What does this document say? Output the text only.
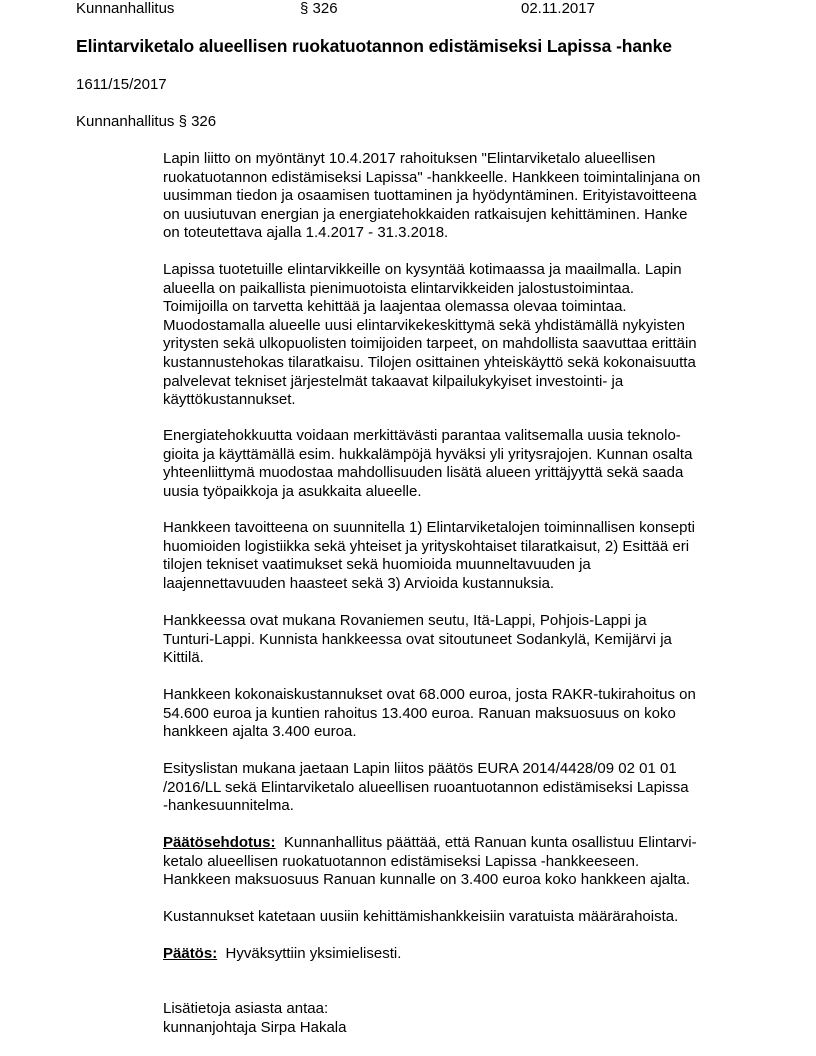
Kunnanhallitus	§ 326	02.11.2017
Elintarviketalo alueellisen ruokatuotannon edistämiseksi Lapissa -hanke
1611/15/2017
Kunnanhallitus § 326
Lapin liitto on myöntänyt 10.4.2017 rahoituksen "Elintarviketalo alueellisen
ruokatuotannon edistämiseksi Lapissa" -hankkeelle. Hankkeen toimintalinjana on
uusimman tiedon ja osaamisen tuottaminen ja hyödyntäminen. Erityistavoitteena
on uusiutuvan energian ja energiatehokkaiden ratkaisujen kehittäminen. Hanke
on toteutettava ajalla 1.4.2017 - 31.3.2018.
Lapissa tuotetuille elintarvikkeille on kysyntää kotimaassa ja maailmalla. Lapin
alueella on paikallista pienimuotoista elintarvikkeiden jalostustoimintaa.
Toimijoilla on tarvetta kehittää ja laajentaa olemassa olevaa toimintaa.
Muodostamalla alueelle uusi elintarvikekeskittymä sekä yhdistämällä nykyisten
yritysten sekä ulkopuolisten toimijoiden tarpeet, on mahdollista saavuttaa erittäin
kustannustehokas tilaratkaisu. Tilojen osittainen yhteiskäyttö sekä kokonaisuutta
palvelevat tekniset järjestelmät takaavat kilpailukykyiset investointi- ja
käyttökustannukset.
Energiatehokkuutta voidaan merkittävästi parantaa valitsemalla uusia teknolo-
gioita ja käyttämällä esim. hukkalämpöjä hyväksi yli yritysrajojen. Kunnan osalta
yhteenliittymä muodostaa mahdollisuuden lisätä alueen yrittäjyyttä sekä saada
uusia työpaikkoja ja asukkaita alueelle.
Hankkeen tavoitteena on suunnitella 1) Elintarviketalojen toiminnallisen konsepti
huomioiden logistiikka sekä yhteiset ja yrityskohtaiset tilaratkaisut, 2) Esittää eri
tilojen tekniset vaatimukset sekä huomioida muunneltavuuden ja
laajennettavuuden haasteet sekä 3) Arvioida kustannuksia.
Hankkeessa ovat mukana Rovaniemen seutu, Itä-Lappi, Pohjois-Lappi ja
Tunturi-Lappi. Kunnista hankkeessa ovat sitoutuneet Sodankylä, Kemijärvi ja
Kittilä.
Hankkeen kokonaiskustannukset ovat 68.000 euroa, josta RAKR-tukirahoitus on
54.600 euroa ja kuntien rahoitus 13.400 euroa. Ranuan maksuosuus on koko
hankkeen ajalta 3.400 euroa.
Esityslistan mukana jaetaan Lapin liitos päätös EURA 2014/4428/09 02 01 01
/2016/LL sekä Elintarviketalo alueellisen ruoantuotannon edistämiseksi Lapissa
-hankesuunnitelma.
Päätösehdotus: Kunnanhallitus päättää, että Ranuan kunta osallistuu Elintarvi-
ketalo alueellisen ruokatuotannon edistämiseksi Lapissa -hankkeeseen.
Hankkeen maksuosuus Ranuan kunnalle on 3.400 euroa koko hankkeen ajalta.
Kustannukset katetaan uusiin kehittämishankkeisiin varatuista määrärahoista.
Päätös: Hyväksyttiin yksimielisesti.
Lisätietoja asiasta antaa:
kunnanjohtaja Sirpa Hakala
